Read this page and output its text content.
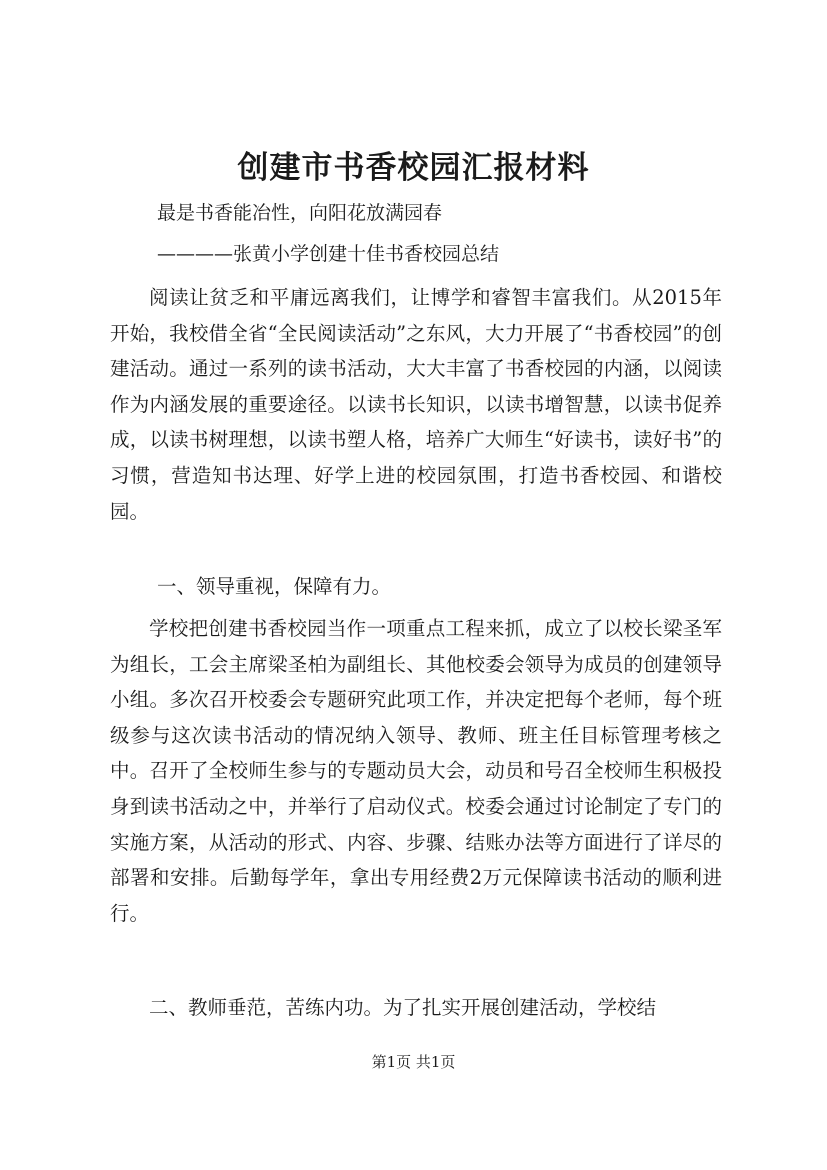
创建市书香校园汇报材料
最是书香能冶性，向阳花放满园春
————张黄小学创建十佳书香校园总结

阅读让贫乏和平庸远离我们，让博学和睿智丰富我们。从2015年开始，我校借全省“全民阅读活动”之东风，大力开展了“书香校园”的创建活动。通过一系列的读书活动，大大丰富了书香校园的内涵，以阅读作为内涵发展的重要途径。以读书长知识，以读书增智慧，以读书促养成，以读书树理想，以读书塑人格，培养广大师生“好读书，读好书”的习惯，营造知书达理、好学上进的校园氛围，打造书香校园、和谐校园。

一、领导重视，保障有力。

学校把创建书香校园当作一项重点工程来抓，成立了以校长梁圣军为组长，工会主席梁圣柏为副组长、其他校委会领导为成员的创建领导小组。多次召开校委会专题研究此项工作，并决定把每个老师，每个班级参与这次读书活动的情况纳入领导、教师、班主任目标管理考核之中。召开了全校师生参与的专题动员大会，动员和号召全校师生积极投身到读书活动之中，并举行了启动仪式。校委会通过讨论制定了专门的实施方案，从活动的形式、内容、步骤、结账办法等方面进行了详尽的部署和安排。后勤每学年，拿出专用经费2万元保障读书活动的顺利进行。

二、教师垂范，苦练内功。为了扎实开展创建活动，学校结

第1页 共1页
